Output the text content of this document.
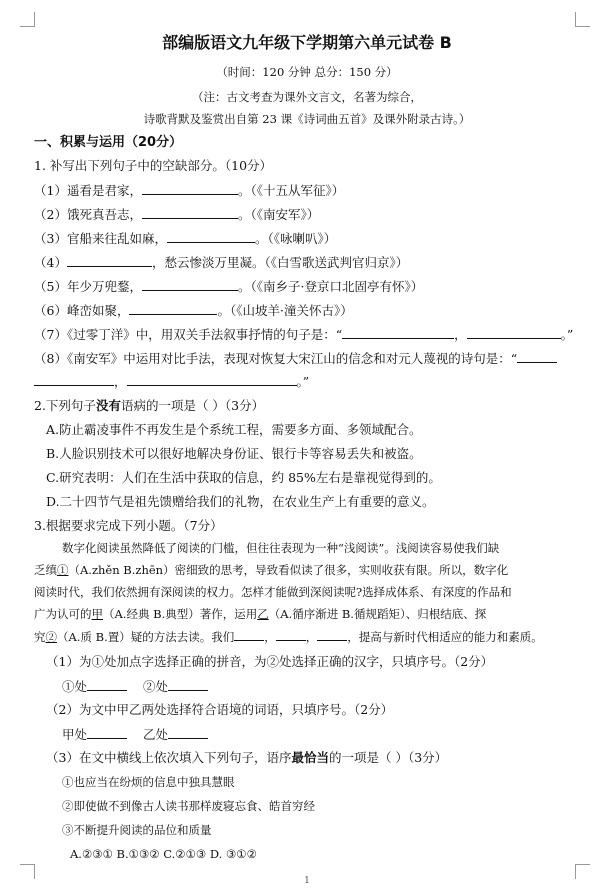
部编版语文九年级下学期第六单元试卷 B
（时间：120 分钟 总分：150 分）
（注：古文考查为课外文言文，名著为综合，
诗歌背默及鉴赏出自第 23 课《诗词曲五首》及课外附录古诗。）
一、积累与运用（20分）
1. 补写出下列句子中的空缺部分。（10分）
（1）遥看是君家，	。（《十五从军征》）
（2）饿死真吾志，	。（《南安军》）
（3）官船来往乱如麻，	。（《咏喇叭》）
（4）	，愁云惨淡万里凝。（《白雪歌送武判官归京》）
（5）年少万兜鍪，	。（《南乡子·登京口北固亭有怀》）
（6）峰峦如聚，	。（《山坡羊·潼关怀古》）
（7）《过零丁洋》中，用双关手法叙事抒情的句子是：“	，	。”
（8）《南安军》中运用对比手法，表现对恢复大宋江山的信念和对元人蔑视的诗句是：“
，	。”
2.下列句子没有语病的一项是（ ）（3分）
A.防止霸凌事件不再发生是个系统工程，需要多方面、多领域配合。
B.人脸识别技术可以很好地解决身份证、银行卡等容易丢失和被盗。
C.研究表明：人们在生活中获取的信息，约 85%左右是靠视觉得到的。
D.二十四节气是祖先馈赠给我们的礼物，在农业生产上有重要的意义。
3.根据要求完成下列小题。（7分）
数字化阅读虽然降低了阅读的门槛，但往往表现为一种“浅阅读”。浅阅读容易使我们缺
乏缜①（A.zhěn B.zhēn）密细致的思考，导致看似读了很多，实则收获有限。所以，数字化
阅读时代，我们依然拥有深阅读的权力。怎样才能做到深阅读呢?选择成体系、有深度的作品和
广为认可的甲（A.经典 B.典型）著作，运用乙（A.循序渐进 B.循规蹈矩）、归根结底、探
究②（A.质 B.置）疑的方法去读。我们	，	，	，提高与新时代相适应的能力和素质。
（1）为①处加点字选择正确的拼音，为②处选择正确的汉字，只填序号。（2分）
①处	②处
（2）为文中甲乙两处选择符合语境的词语，只填序号。（2分）
甲处	乙处
（3）在文中横线上依次填入下列句子，语序最恰当的一项是（ ）（3分）
①也应当在纷烦的信息中独具慧眼
②即使做不到像古人读书那样废寝忘食、皓首穷经
③不断提升阅读的品位和质量
A.②③① B.①③② C.②①③ D. ③①②
1
